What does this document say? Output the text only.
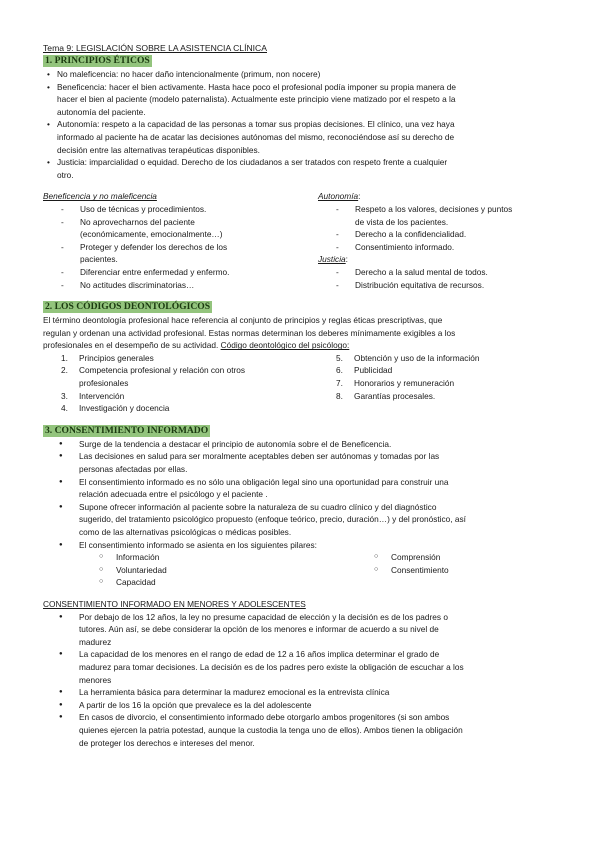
Tema 9: LEGISLACIÓN SOBRE LA ASISTENCIA CLÍNICA
1. PRINCIPIOS ÉTICOS
• No maleficencia: no hacer daño intencionalmente (primum, non nocere)
• Beneficencia: hacer el bien activamente. Hasta hace poco el profesional podía imponer su propia manera de
hacer el bien al paciente (modelo paternalista). Actualmente este principio viene matizado por el respeto a la
autonomía del paciente.
• Autonomía: respeto a la capacidad de las personas a tomar sus propias decisiones. El clínico, una vez haya
informado al paciente ha de acatar las decisiones autónomas del mismo, reconociéndose así su derecho de
decisión entre las alternativas terapéuticas disponibles.
• Justicia: imparcialidad o equidad. Derecho de los ciudadanos a ser tratados con respeto frente a cualquier
otro.
Beneficencia y no maleficencia
- Uso de técnicas y procedimientos.
- No aprovecharnos del paciente
(económicamente, emocionalmente…)
- Proteger y defender los derechos de los
pacientes.
- Diferenciar entre enfermedad y enfermo.
- No actitudes discriminatorias…
Autonomía:
- Respeto a los valores, decisiones y puntos
de vista de los pacientes.
- Derecho a la confidencialidad.
- Consentimiento informado.
Justicia:
- Derecho a la salud mental de todos.
- Distribución equitativa de recursos.
2. LOS CÓDIGOS DEONTOLÓGICOS
El término deontología profesional hace referencia al conjunto de principios y reglas éticas prescriptivas, que
regulan y ordenan una actividad profesional. Estas normas determinan los deberes mínimamente exigibles a los
profesionales en el desempeño de su actividad. Código deontológico del psicólogo:
1. Principios generales
2. Competencia profesional y relación con otros
profesionales
3. Intervención
4. Investigación y docencia
5. Obtención y uso de la información
6. Publicidad
7. Honorarios y remuneración
8. Garantías procesales.
3. CONSENTIMIENTO INFORMADO
● Surge de la tendencia a destacar el principio de autonomía sobre el de Beneficencia.
● Las decisiones en salud para ser moralmente aceptables deben ser autónomas y tomadas por las
personas afectadas por ellas.
● El consentimiento informado es no sólo una obligación legal sino una oportunidad para construir una
relación adecuada entre el psicólogo y el paciente .
● Supone ofrecer información al paciente sobre la naturaleza de su cuadro clínico y del diagnóstico
sugerido, del tratamiento psicológico propuesto (enfoque teórico, precio, duración…) y del pronóstico, así
como de las alternativas psicológicas o médicas posibles.
● El consentimiento informado se asienta en los siguientes pilares:
○ Información
○ Voluntariedad
○ Capacidad
○ Comprensión
○ Consentimiento
CONSENTIMIENTO INFORMADO EN MENORES Y ADOLESCENTES
● Por debajo de los 12 años, la ley no presume capacidad de elección y la decisión es de los padres o
tutores. Aún así, se debe considerar la opción de los menores e informar de acuerdo a su nivel de
madurez
● La capacidad de los menores en el rango de edad de 12 a 16 años implica determinar el grado de
madurez para tomar decisiones. La decisión es de los padres pero existe la obligación de escuchar a los
menores
● La herramienta básica para determinar la madurez emocional es la entrevista clínica
● A partir de los 16 la opción que prevalece es la del adolescente
● En casos de divorcio, el consentimiento informado debe otorgarlo ambos progenitores (si son ambos
quienes ejercen la patria potestad, aunque la custodia la tenga uno de ellos). Ambos tienen la obligación
de proteger los derechos e intereses del menor.
